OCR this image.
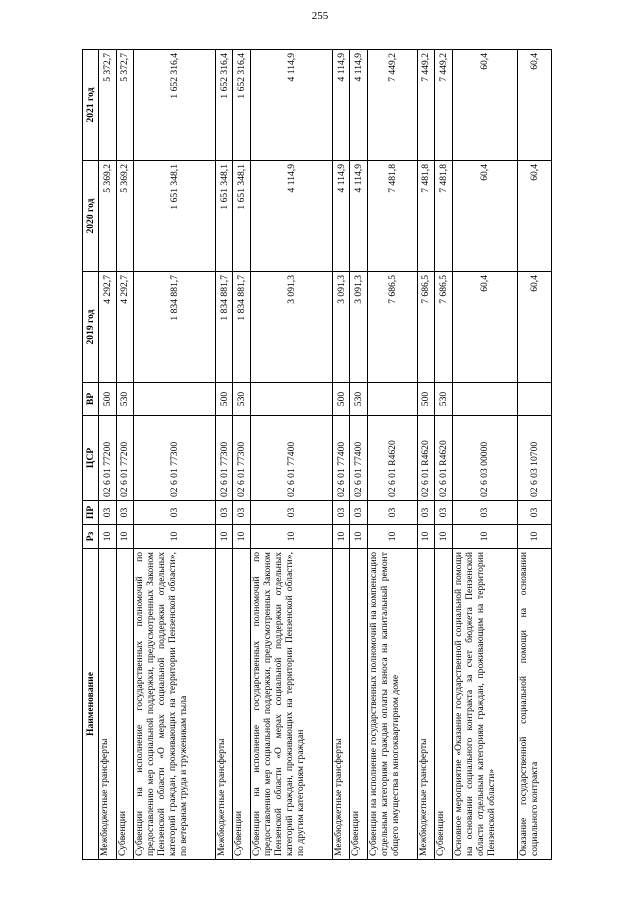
255
Наименование	Рз	ПР	ЦСР	ВР	2019 год	2020 год	2021 год
Межбюджетные трансферты	10	03	02 6 01 77200	500	4 292,7	5 369,2	5 372,7
Субвенции	10	03	02 6 01 77200	530	4 292,7	5 369,2	5 372,7
Субвенции на исполнение государственных полномочий по предоставлению мер социальной поддержки, предусмотренных Законом Пензенской области «О мерах социальной поддержки отдельных категорий граждан, проживающих на территории Пензенской области», по ветеранам труда и труженикам тыла	10	03	02 6 01 77300		1 834 881,7	1 651 348,1	1 652 316,4
Межбюджетные трансферты	10	03	02 6 01 77300	500	1 834 881,7	1 651 348,1	1 652 316,4
Субвенции	10	03	02 6 01 77300	530	1 834 881,7	1 651 348,1	1 652 316,4
Субвенции на исполнение государственных полномочий по предоставлению мер социальной поддержки, предусмотренных Законом Пензенской области «О мерах социальной поддержки отдельных категорий граждан, проживающих на территории Пензенской области», по другим категориям граждан	10	03	02 6 01 77400		3 091,3	4 114,9	4 114,9
Межбюджетные трансферты	10	03	02 6 01 77400	500	3 091,3	4 114,9	4 114,9
Субвенции	10	03	02 6 01 77400	530	3 091,3	4 114,9	4 114,9
Субвенции на исполнение государственных полномочий на компенсацию отдельным категориям граждан оплаты взноса на капитальный ремонт общего имущества в многоквартирном доме	10	03	02 6 01 R4620		7 686,5	7 481,8	7 449,2
Межбюджетные трансферты	10	03	02 6 01 R4620	500	7 686,5	7 481,8	7 449,2
Субвенции	10	03	02 6 01 R4620	530	7 686,5	7 481,8	7 449,2
Основное мероприятие «Оказание государственной социальной помощи на основании социального контракта за счет бюджета Пензенской области отдельным категориям граждан, проживающим на территории Пензенской области»	10	03	02 6 03 00000		60,4	60,4	60,4
Оказание государственной социальной помощи на основании социального контракта	10	03	02 6 03 10700		60,4	60,4	60,4
